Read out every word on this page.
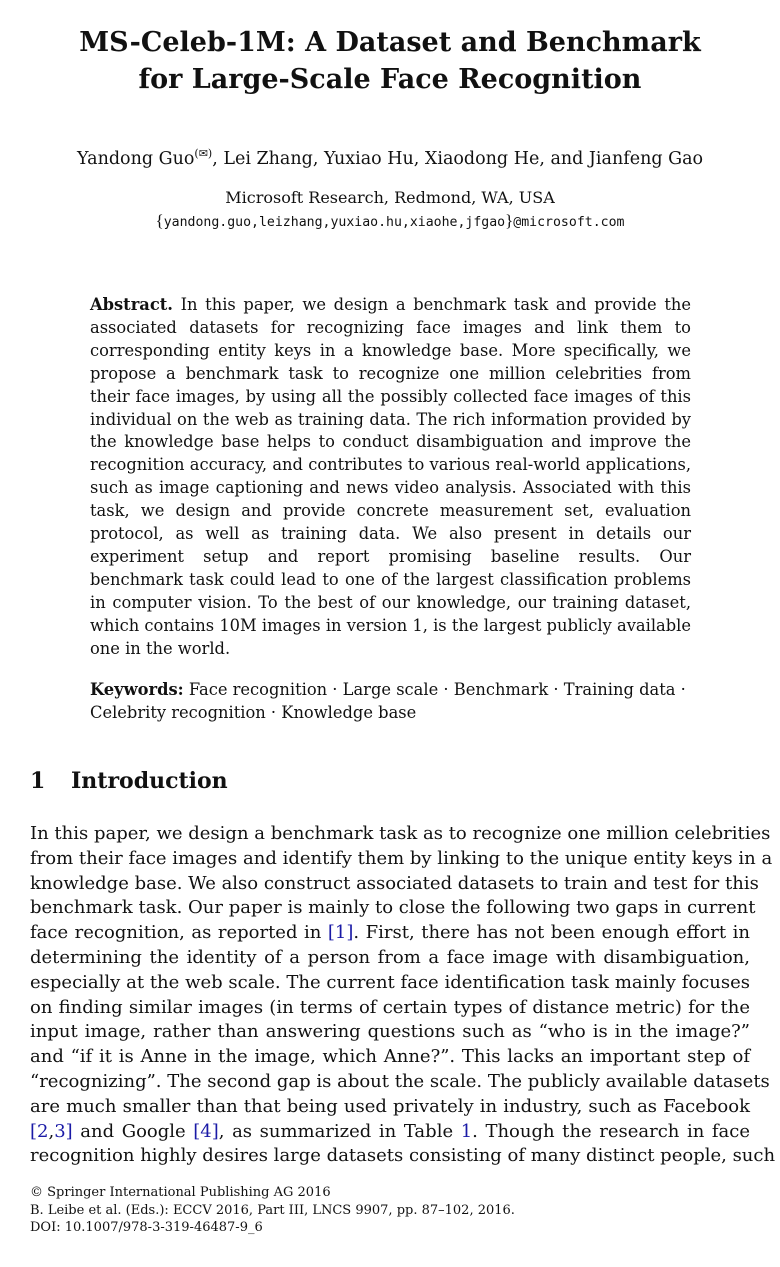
MS-Celeb-1M: A Dataset and Benchmark
for Large-Scale Face Recognition
Yandong Guo(✉), Lei Zhang, Yuxiao Hu, Xiaodong He, and Jianfeng Gao
Microsoft Research, Redmond, WA, USA
{yandong.guo,leizhang,yuxiao.hu,xiaohe,jfgao}@microsoft.com

Abstract. In this paper, we design a benchmark task and provide the associated datasets for recognizing face images and link them to corresponding entity keys in a knowledge base. More specifically, we propose a benchmark task to recognize one million celebrities from their face images, by using all the possibly collected face images of this individual on the web as training data. The rich information provided by the knowledge base helps to conduct disambiguation and improve the recognition accuracy, and contributes to various real-world applications, such as image captioning and news video analysis. Associated with this task, we design and provide concrete measurement set, evaluation protocol, as well as training data. We also present in details our experiment setup and report promising baseline results. Our benchmark task could lead to one of the largest classification problems in computer vision. To the best of our knowledge, our training dataset, which contains 10M images in version 1, is the largest publicly available one in the world.

Keywords: Face recognition · Large scale · Benchmark · Training data · Celebrity recognition · Knowledge base

1 Introduction
In this paper, we design a benchmark task as to recognize one million celebrities
from their face images and identify them by linking to the unique entity keys in a
knowledge base. We also construct associated datasets to train and test for this
benchmark task. Our paper is mainly to close the following two gaps in current
face recognition, as reported in [1]. First, there has not been enough effort in
determining the identity of a person from a face image with disambiguation,
especially at the web scale. The current face identification task mainly focuses
on finding similar images (in terms of certain types of distance metric) for the
input image, rather than answering questions such as “who is in the image?”
and “if it is Anne in the image, which Anne?”. This lacks an important step of
“recognizing”. The second gap is about the scale. The publicly available datasets
are much smaller than that being used privately in industry, such as Facebook
[2,3] and Google [4], as summarized in Table 1. Though the research in face
recognition highly desires large datasets consisting of many distinct people, such
© Springer International Publishing AG 2016
B. Leibe et al. (Eds.): ECCV 2016, Part III, LNCS 9907, pp. 87–102, 2016.
DOI: 10.1007/978-3-319-46487-9_6
